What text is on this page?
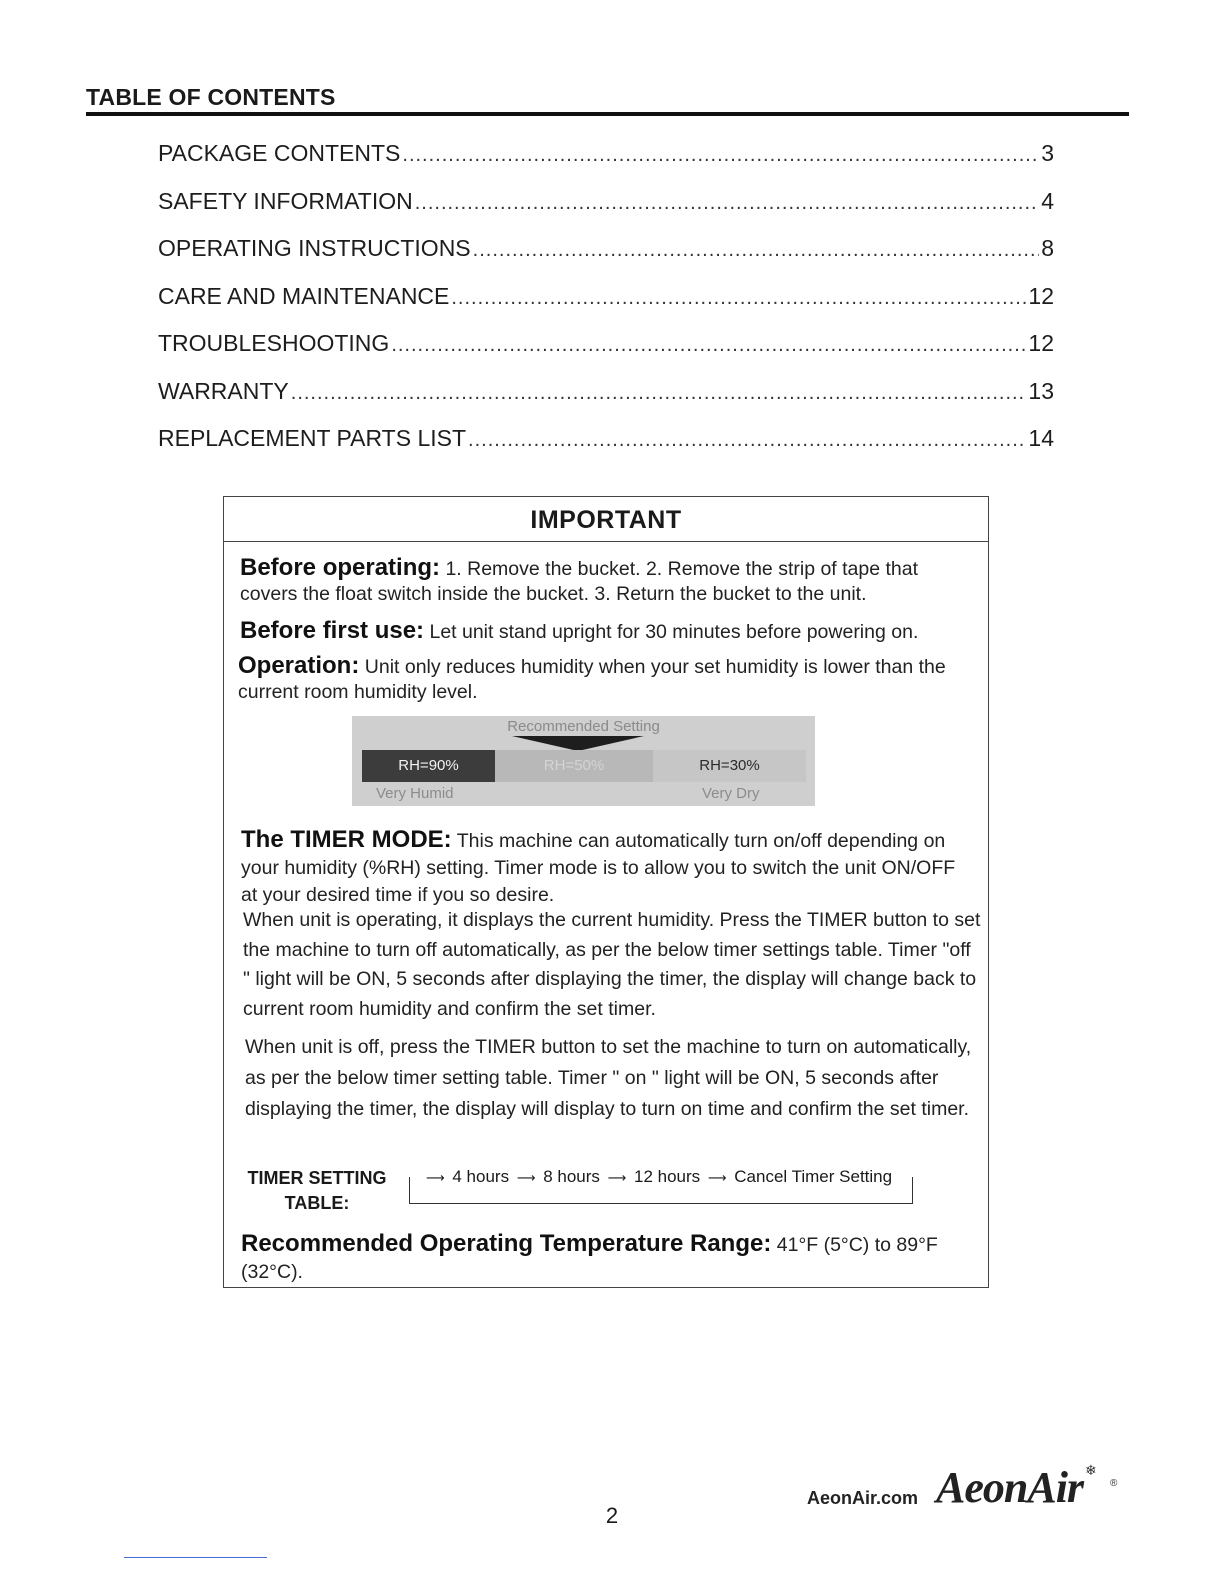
TABLE OF CONTENTS
PACKAGE CONTENTS .....	3
SAFETY INFORMATION .....	4
OPERATING INSTRUCTIONS .....	8
CARE AND MAINTENANCE .....	12
TROUBLESHOOTING .....	12
WARRANTY .....	13
REPLACEMENT PARTS LIST .....	14
IMPORTANT
Before operating: 1. Remove the bucket. 2. Remove the strip of tape that covers the float switch inside the bucket. 3. Return the bucket to the unit.
Before first use: Let unit stand upright for 30 minutes before powering on.
Operation: Unit only reduces humidity when your set humidity is lower than the current room humidity level.
Recommended Setting
RH=90%	RH=50%	RH=30%
Very Humid	Very Dry
The TIMER MODE: This machine can automatically turn on/off depending on your humidity (%RH) setting. Timer mode is to allow you to switch the unit ON/OFF at your desired time if you so desire.
When unit is operating, it displays the current humidity. Press the TIMER button to set the machine to turn off automatically, as per the below timer settings table. Timer "off " light will be ON, 5 seconds after displaying the timer, the display will change back to current room humidity and confirm the set timer.
When unit is off, press the TIMER button to set the machine to turn on automatically, as per the below timer setting table. Timer " on " light will be ON, 5 seconds after displaying the timer, the display will display to turn on time and confirm the set timer.
TIMER SETTING TABLE:
⟶ 4 hours ⟶ 8 hours ⟶ 12 hours ⟶ Cancel Timer Setting
Recommended Operating Temperature Range: 41°F (5°C) to 89°F (32°C).
AeonAir.com AeonAir ❄
®
2
